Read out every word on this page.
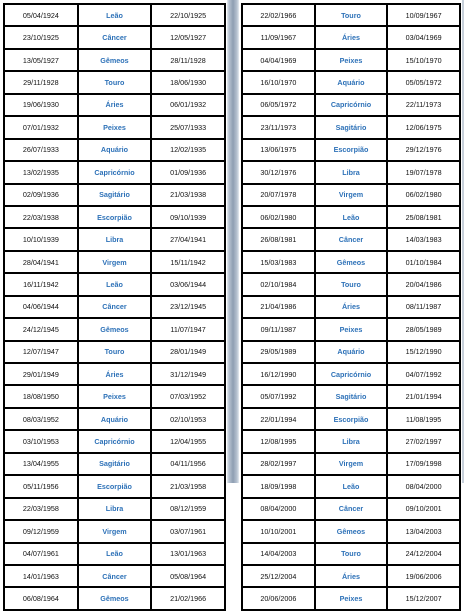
05/04/1924	Leão	22/10/1925
23/10/1925	Câncer	12/05/1927
13/05/1927	Gêmeos	28/11/1928
29/11/1928	Touro	18/06/1930
19/06/1930	Áries	06/01/1932
07/01/1932	Peixes	25/07/1933
26/07/1933	Aquário	12/02/1935
13/02/1935	Capricórnio	01/09/1936
02/09/1936	Sagitário	21/03/1938
22/03/1938	Escorpião	09/10/1939
10/10/1939	Libra	27/04/1941
28/04/1941	Virgem	15/11/1942
16/11/1942	Leão	03/06/1944
04/06/1944	Câncer	23/12/1945
24/12/1945	Gêmeos	11/07/1947
12/07/1947	Touro	28/01/1949
29/01/1949	Áries	31/12/1949
18/08/1950	Peixes	07/03/1952
08/03/1952	Aquário	02/10/1953
03/10/1953	Capricórnio	12/04/1955
13/04/1955	Sagitário	04/11/1956
05/11/1956	Escorpião	21/03/1958
22/03/1958	Libra	08/12/1959
09/12/1959	Virgem	03/07/1961
04/07/1961	Leão	13/01/1963
14/01/1963	Câncer	05/08/1964
06/08/1964	Gêmeos	21/02/1966
22/02/1966	Touro	10/09/1967
11/09/1967	Áries	03/04/1969
04/04/1969	Peixes	15/10/1970
16/10/1970	Aquário	05/05/1972
06/05/1972	Capricórnio	22/11/1973
23/11/1973	Sagitário	12/06/1975
13/06/1975	Escorpião	29/12/1976
30/12/1976	Libra	19/07/1978
20/07/1978	Virgem	06/02/1980
06/02/1980	Leão	25/08/1981
26/08/1981	Câncer	14/03/1983
15/03/1983	Gêmeos	01/10/1984
02/10/1984	Touro	20/04/1986
21/04/1986	Áries	08/11/1987
09/11/1987	Peixes	28/05/1989
29/05/1989	Aquário	15/12/1990
16/12/1990	Capricórnio	04/07/1992
05/07/1992	Sagitário	21/01/1994
22/01/1994	Escorpião	11/08/1995
12/08/1995	Libra	27/02/1997
28/02/1997	Virgem	17/09/1998
18/09/1998	Leão	08/04/2000
08/04/2000	Câncer	09/10/2001
10/10/2001	Gêmeos	13/04/2003
14/04/2003	Touro	24/12/2004
25/12/2004	Áries	19/06/2006
20/06/2006	Peixes	15/12/2007
